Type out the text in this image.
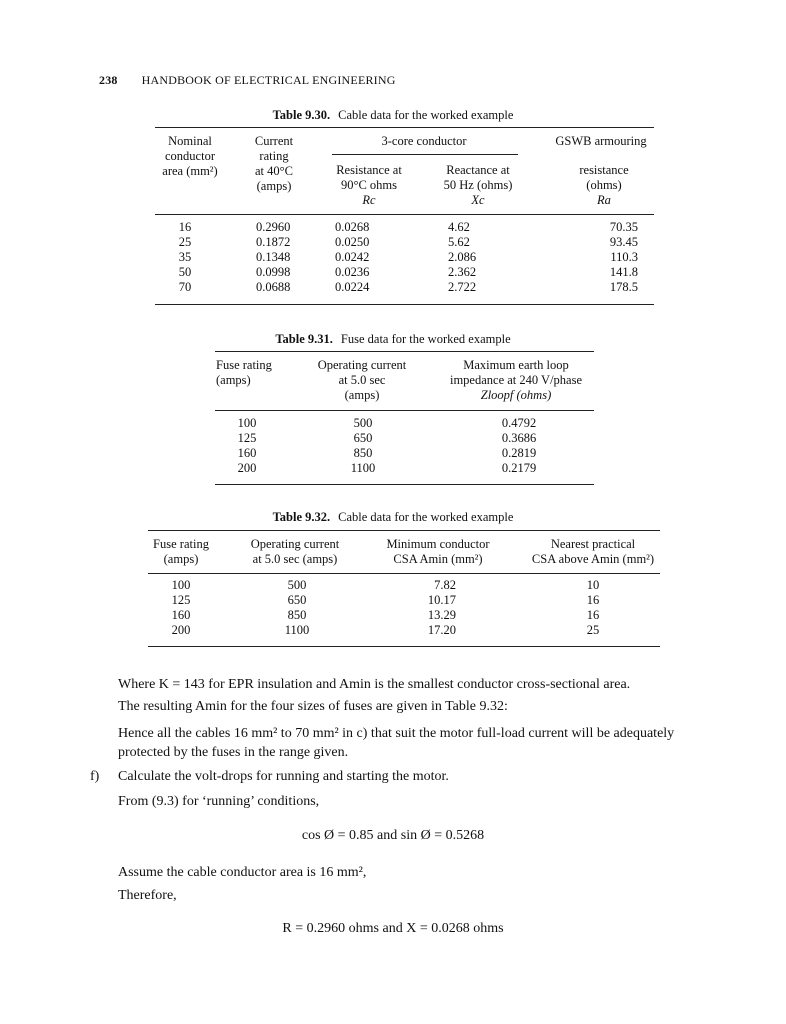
238 HANDBOOK OF ELECTRICAL ENGINEERING
Table 9.30. Cable data for the worked example
Nominal
conductor
area (mm²)
Current
rating
at 40°C
(amps)
3-core conductor	GSWB armouring
Resistance at
90°C ohms
Rc
Reactance at
50 Hz (ohms)
Xc
resistance
(ohms)
Ra
16
25
35
50
70
0.2960
0.1872
0.1348
0.0998
0.0688
0.0268
0.0250
0.0242
0.0236
0.0224
4.62
5.62
2.086
2.362
2.722
70.35
93.45
110.3
141.8
178.5
Table 9.31. Fuse data for the worked example
Fuse rating
(amps)
Operating current
at 5.0 sec
(amps)
Maximum earth loop
impedance at 240 V/phase
Zloopf (ohms)
100
125
160
200
500
650
850
1100
0.4792
0.3686
0.2819
0.2179
Table 9.32. Cable data for the worked example
Fuse rating
(amps)
Operating current
at 5.0 sec (amps)
Minimum conductor
CSA Amin (mm²)
Nearest practical
CSA above Amin (mm²)
100
125
160
200
500
650
850
1100
7.82
10.17
13.29
17.20
10
16
16
25
Where K = 143 for EPR insulation and Amin is the smallest conductor cross-sectional area.
The resulting Amin for the four sizes of fuses are given in Table 9.32:
Hence all the cables 16 mm² to 70 mm² in c) that suit the motor full-load current will be adequately protected by the fuses in the range given.
f)	Calculate the volt-drops for running and starting the motor.
From (9.3) for ‘running’ conditions,
cos Ø = 0.85 and sin Ø = 0.5268
Assume the cable conductor area is 16 mm²,
Therefore,
R = 0.2960 ohms and X = 0.0268 ohms
